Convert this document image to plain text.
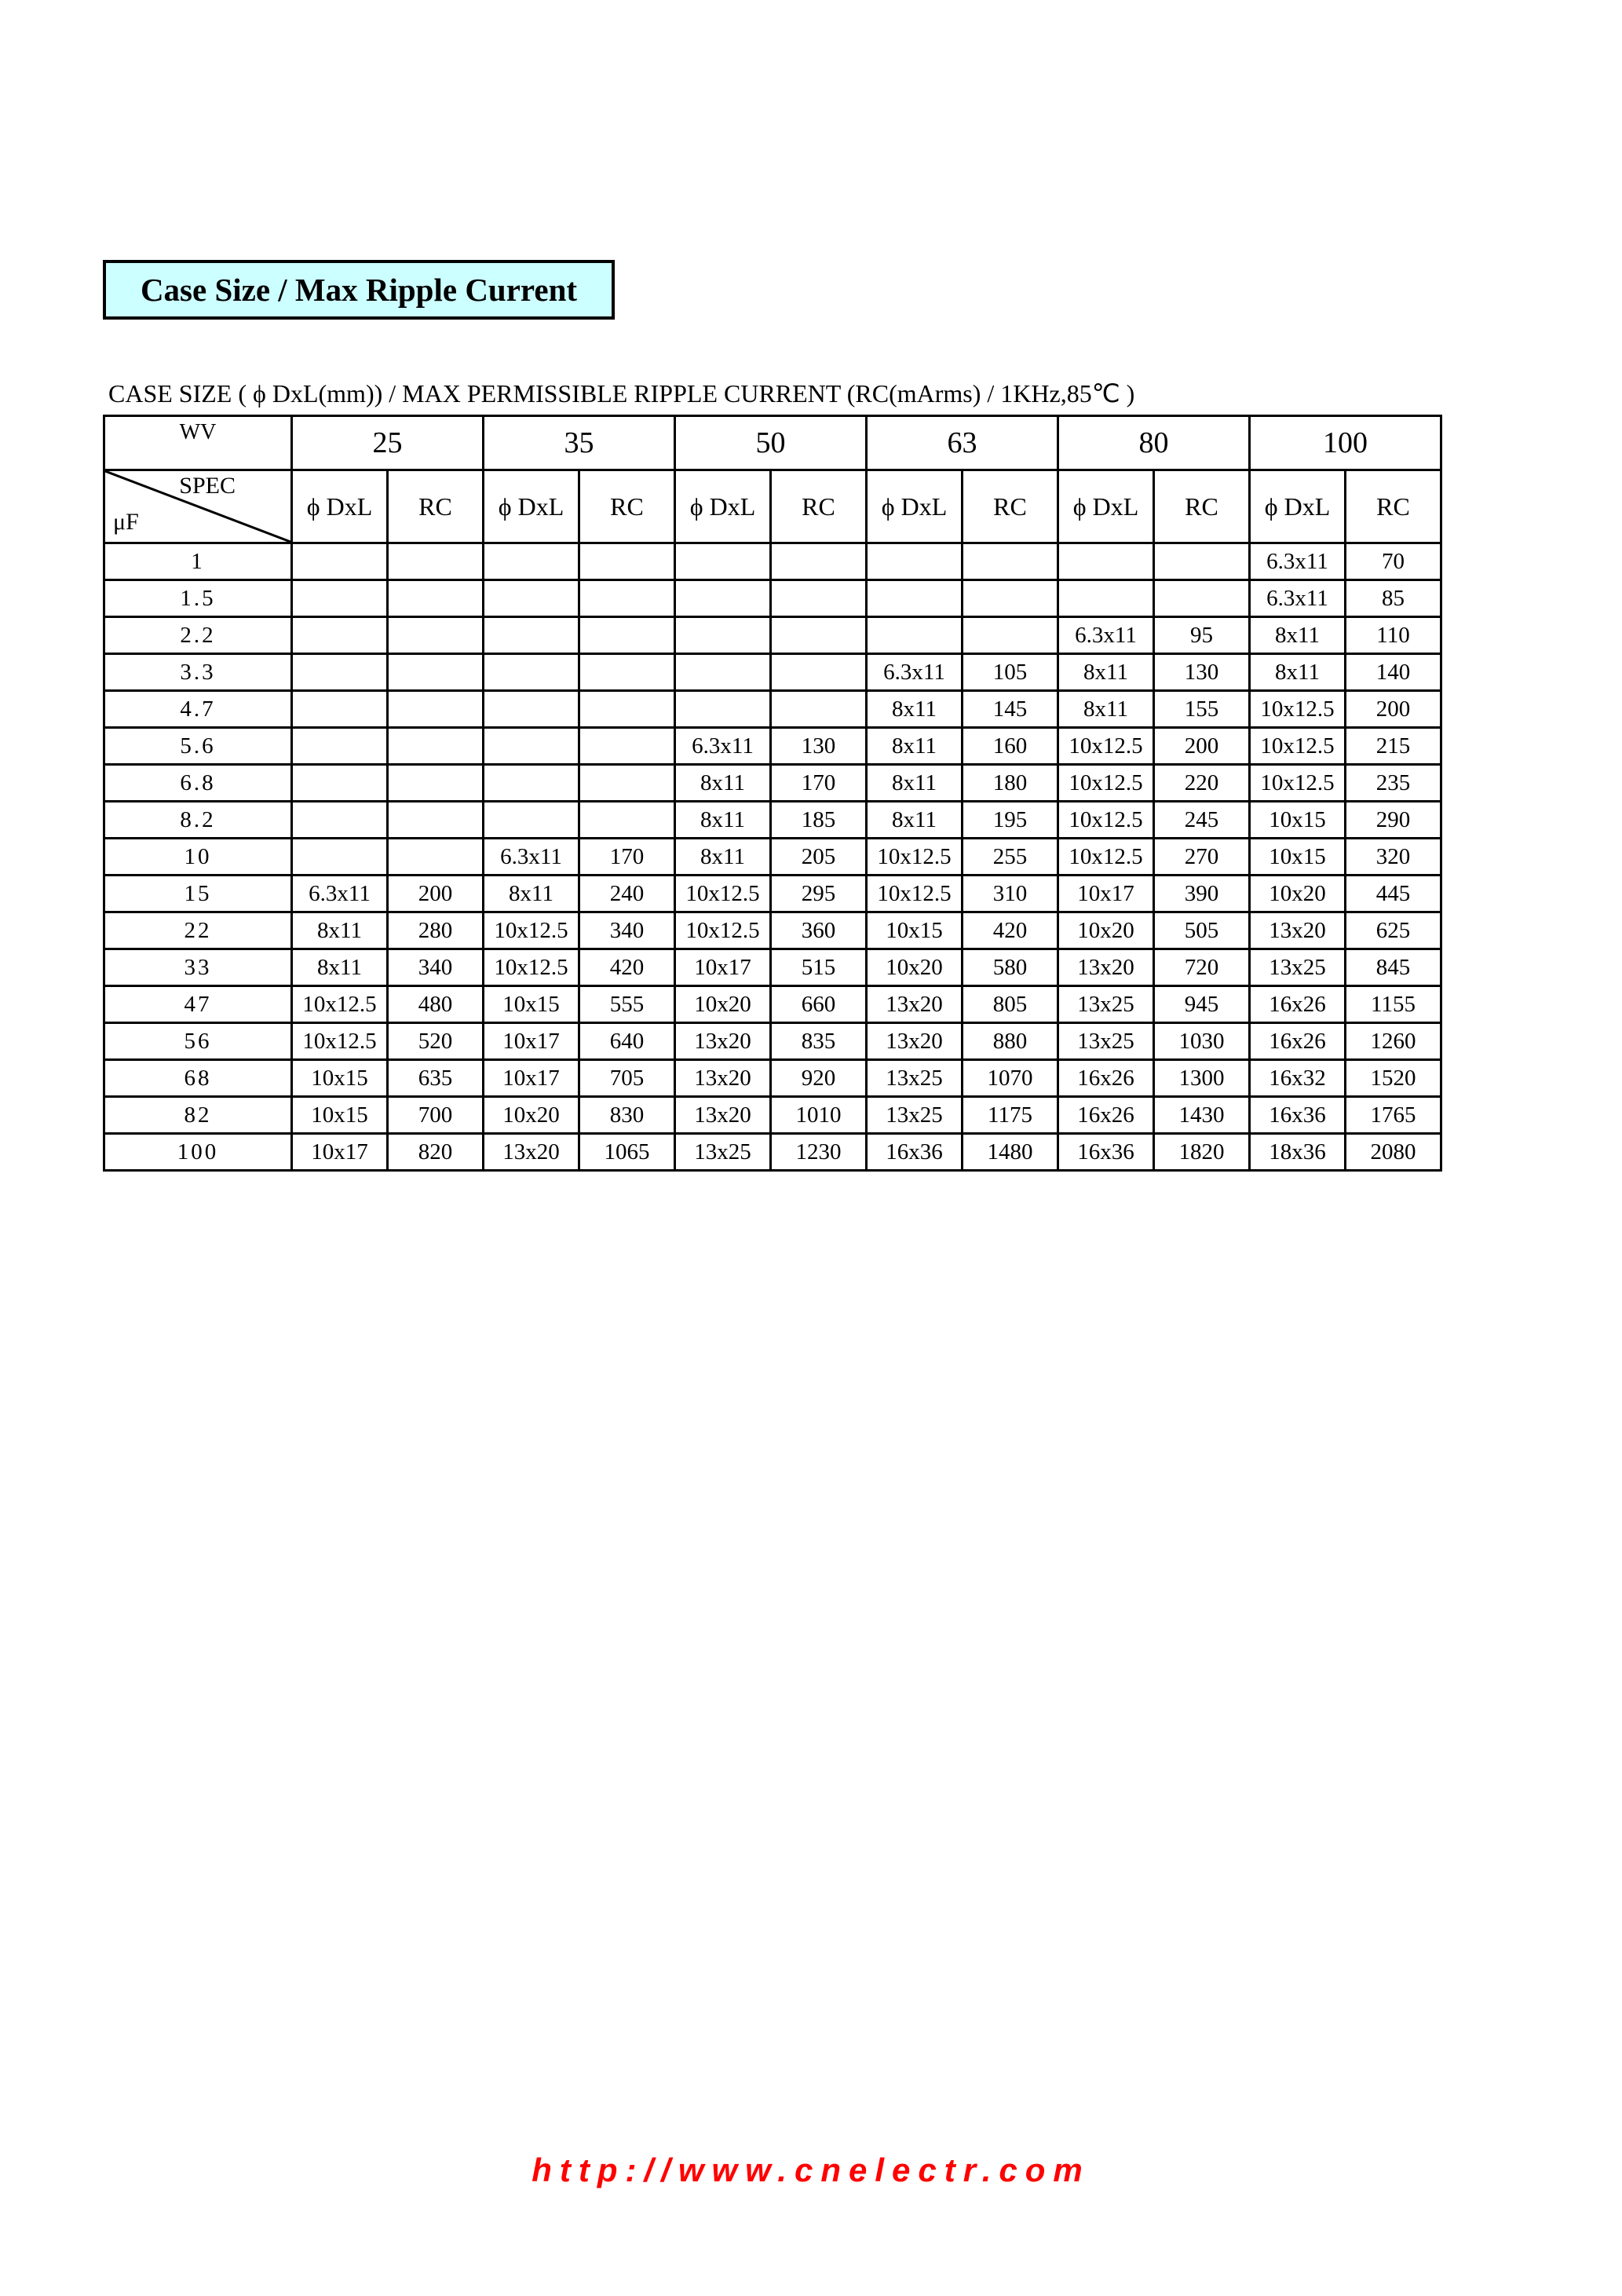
Case Size / Max Ripple Current
CASE SIZE ( ϕ DxL(mm)) / MAX PERMISSIBLE RIPPLE CURRENT (RC(mArms) / 1KHz,85℃ )
WV	25		35		50		63		80		100	

SPEC
μF	ϕ DxL	RC	ϕ DxL	RC	ϕ DxL	RC	ϕ DxL	RC	ϕ DxL	RC	ϕ DxL	RC
1											6.3x11	70
1.5											6.3x11	85
2.2									6.3x11	95	8x11	110
3.3							6.3x11	105	8x11	130	8x11	140
4.7							8x11	145	8x11	155	10x12.5	200
5.6					6.3x11	130	8x11	160	10x12.5	200	10x12.5	215
6.8					8x11	170	8x11	180	10x12.5	220	10x12.5	235
8.2					8x11	185	8x11	195	10x12.5	245	10x15	290
10			6.3x11	170	8x11	205	10x12.5	255	10x12.5	270	10x15	320
15	6.3x11	200	8x11	240	10x12.5	295	10x12.5	310	10x17	390	10x20	445
22	8x11	280	10x12.5	340	10x12.5	360	10x15	420	10x20	505	13x20	625
33	8x11	340	10x12.5	420	10x17	515	10x20	580	13x20	720	13x25	845
47	10x12.5	480	10x15	555	10x20	660	13x20	805	13x25	945	16x26	1155
56	10x12.5	520	10x17	640	13x20	835	13x20	880	13x25	1030	16x26	1260
68	10x15	635	10x17	705	13x20	920	13x25	1070	16x26	1300	16x32	1520
82	10x15	700	10x20	830	13x20	1010	13x25	1175	16x26	1430	16x36	1765
100	10x17	820	13x20	1065	13x25	1230	16x36	1480	16x36	1820	18x36	2080
http://www.cnelectr.com
